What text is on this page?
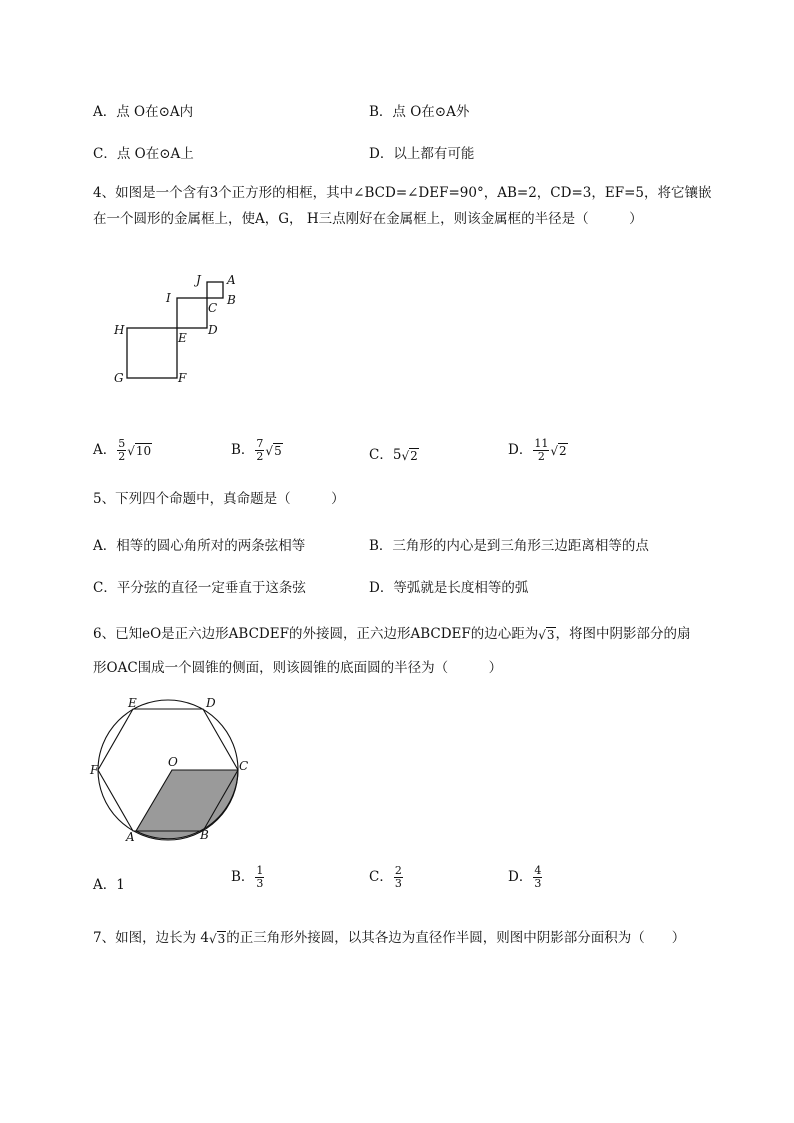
A．点 O在⊙A内	B．点 O在⊙A外
C．点 O在⊙A上	D．以上都有可能
4、如图是一个含有3个正方形的相框，其中∠BCD=∠DEF=90°，AB=2，CD=3，EF=5，将它镶嵌
在一个圆形的金属框上，使A，G， H三点刚好在金属框上，则该金属框的半径是（　　　）
J A
I	B
C
H
E
D
G	F
A． $\frac{5}{2} √10$	B． $\frac{7}{2} √5$	C．5√2	D． $\frac{11}{2} √2$
5、下列四个命题中，真命题是（　　　）
A．相等的圆心角所对的两条弦相等	B．三角形的内心是到三角形三边距离相等的点
C．平分弦的直径一定垂直于这条弦	D．等弧就是长度相等的弧
6、已知eO是正六边形ABCDEF的外接圆，正六边形ABCDEF的边心距为√3，将图中阴影部分的扇
形OAC围成一个圆锥的侧面，则该圆锥的底面圆的半径为（　　　）
E	D
F
O	C
A	B
A．1	B． $\frac{1}{3}$	C． $\frac{2}{3}$	D． $\frac{4}{3}$
7、如图，边长为 4√3的正三角形外接圆，以其各边为直径作半圆，则图中阴影部分面积为（　　）
